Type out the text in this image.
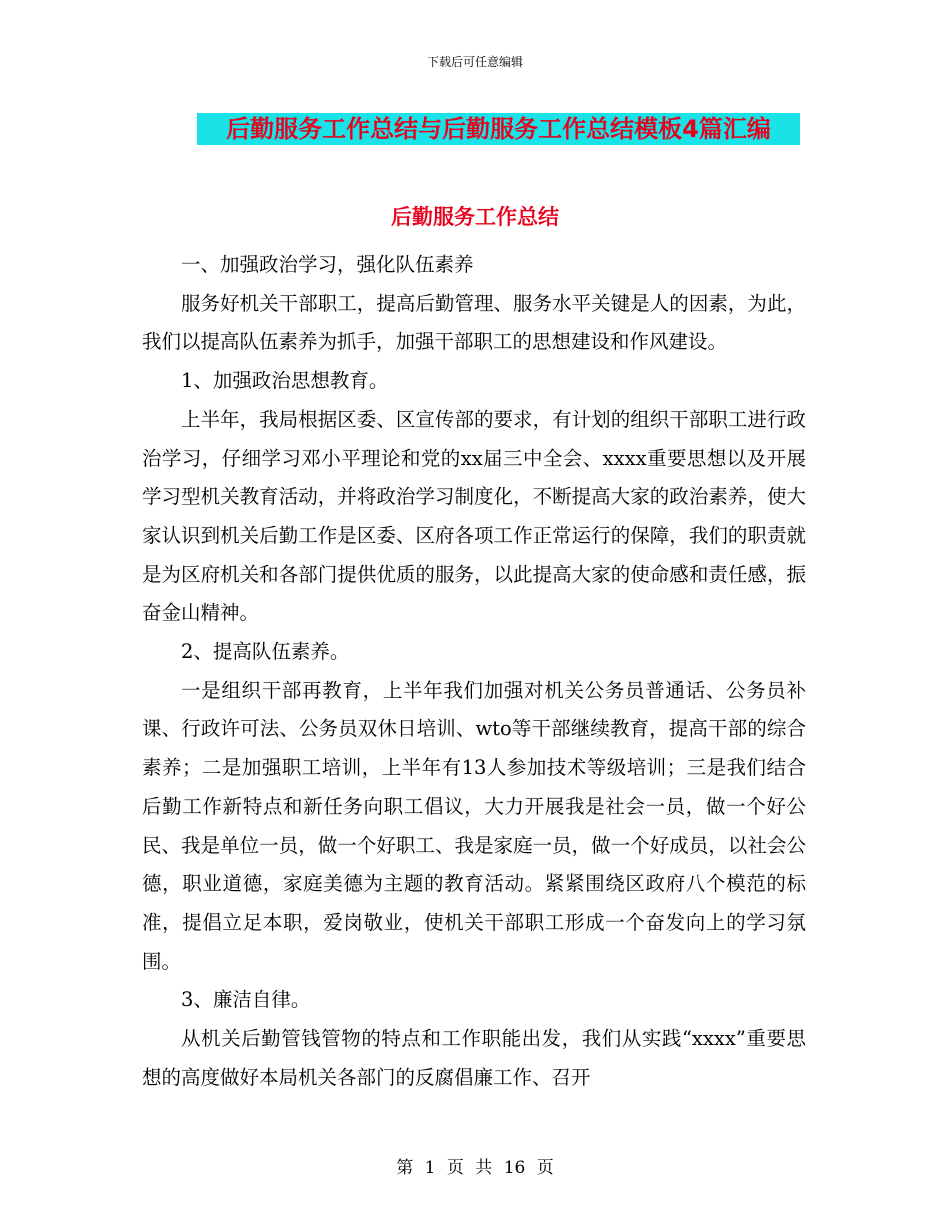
下载后可任意编辑
后勤服务工作总结与后勤服务工作总结模板4篇汇编
后勤服务工作总结

一、加强政治学习，强化队伍素养

服务好机关干部职工，提高后勤管理、服务水平关键是人的因素，为此，我们以提高队伍素养为抓手，加强干部职工的思想建设和作风建设。

1、加强政治思想教育。

上半年，我局根据区委、区宣传部的要求，有计划的组织干部职工进行政治学习，仔细学习邓小平理论和党的xx届三中全会、xxxx重要思想以及开展学习型机关教育活动，并将政治学习制度化，不断提高大家的政治素养，使大家认识到机关后勤工作是区委、区府各项工作正常运行的保障，我们的职责就是为区府机关和各部门提供优质的服务，以此提高大家的使命感和责任感，振奋金山精神。

2、提高队伍素养。

一是组织干部再教育，上半年我们加强对机关公务员普通话、公务员补课、行政许可法、公务员双休日培训、wto等干部继续教育，提高干部的综合素养；二是加强职工培训，上半年有13人参加技术等级培训；三是我们结合后勤工作新特点和新任务向职工倡议，大力开展我是社会一员，做一个好公民、我是单位一员，做一个好职工、我是家庭一员，做一个好成员，以社会公德，职业道德，家庭美德为主题的教育活动。紧紧围绕区政府八个模范的标准，提倡立足本职，爱岗敬业，使机关干部职工形成一个奋发向上的学习氛围。

3、廉洁自律。

从机关后勤管钱管物的特点和工作职能出发，我们从实践“xxxx”重要思想的高度做好本局机关各部门的反腐倡廉工作、召开

第 1 页 共 16 页
